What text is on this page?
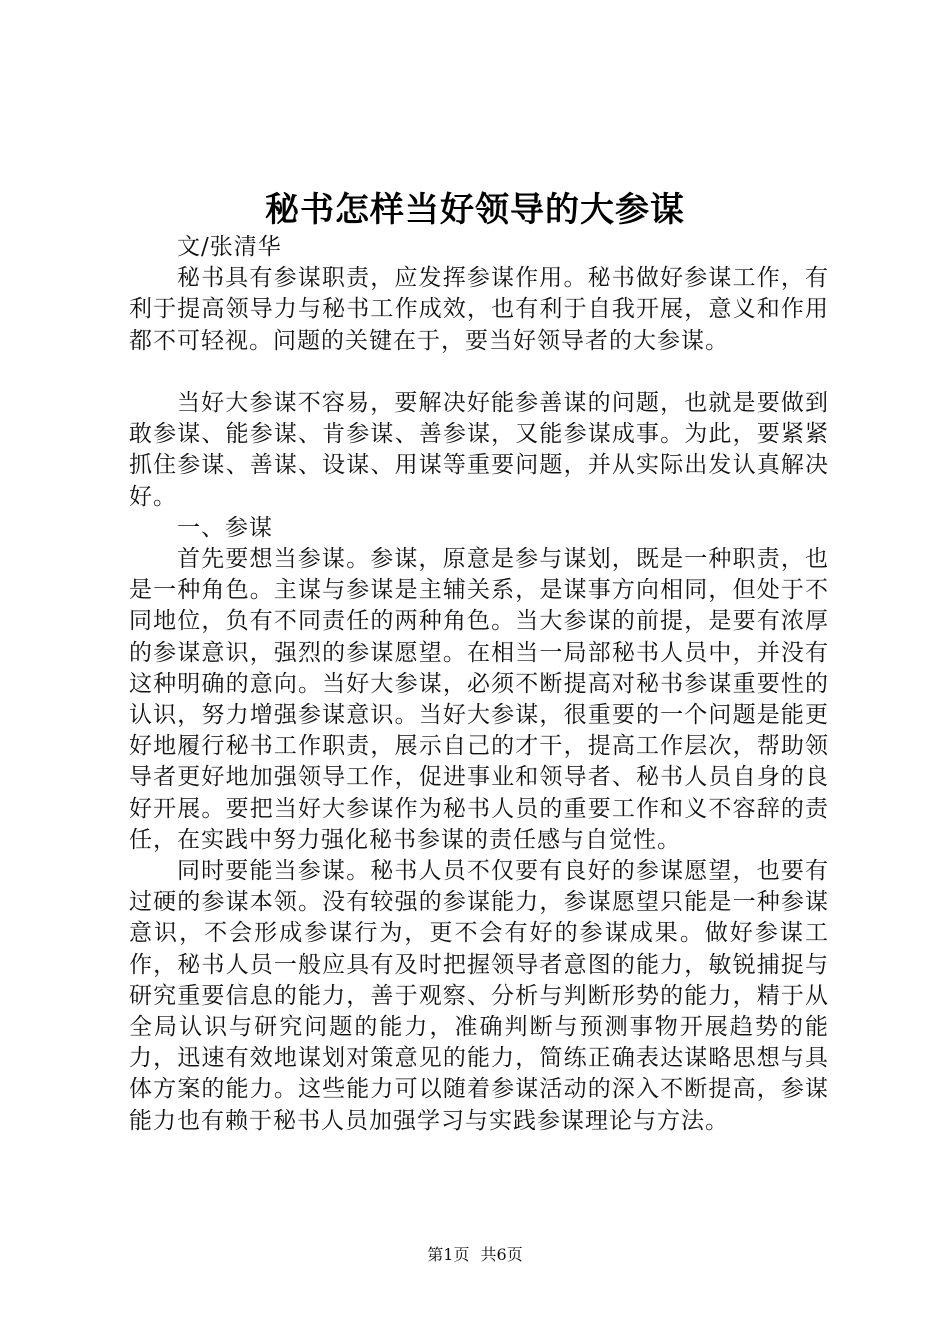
秘书怎样当好领导的大参谋

文/张清华

秘书具有参谋职责，应发挥参谋作用。秘书做好参谋工作，有利于提高领导力与秘书工作成效，也有利于自我开展，意义和作用都不可轻视。问题的关键在于，要当好领导者的大参谋。

当好大参谋不容易，要解决好能参善谋的问题，也就是要做到敢参谋、能参谋、肯参谋、善参谋，又能参谋成事。为此，要紧紧抓住参谋、善谋、设谋、用谋等重要问题，并从实际出发认真解决好。

一、参谋

首先要想当参谋。参谋，原意是参与谋划，既是一种职责，也是一种角色。主谋与参谋是主辅关系，是谋事方向相同，但处于不同地位，负有不同责任的两种角色。当大参谋的前提，是要有浓厚的参谋意识，强烈的参谋愿望。在相当一局部秘书人员中，并没有这种明确的意向。当好大参谋，必须不断提高对秘书参谋重要性的认识，努力增强参谋意识。当好大参谋，很重要的一个问题是能更好地履行秘书工作职责，展示自己的才干，提高工作层次，帮助领导者更好地加强领导工作，促进事业和领导者、秘书人员自身的良好开展。要把当好大参谋作为秘书人员的重要工作和义不容辞的责任，在实践中努力强化秘书参谋的责任感与自觉性。

同时要能当参谋。秘书人员不仅要有良好的参谋愿望，也要有过硬的参谋本领。没有较强的参谋能力，参谋愿望只能是一种参谋意识，不会形成参谋行为，更不会有好的参谋成果。做好参谋工作，秘书人员一般应具有及时把握领导者意图的能力，敏锐捕捉与研究重要信息的能力，善于观察、分析与判断形势的能力，精于从全局认识与研究问题的能力，准确判断与预测事物开展趋势的能力，迅速有效地谋划对策意见的能力，简练正确表达谋略思想与具体方案的能力。这些能力可以随着参谋活动的深入不断提高，参谋能力也有赖于秘书人员加强学习与实践参谋理论与方法。

第1页 共6页
